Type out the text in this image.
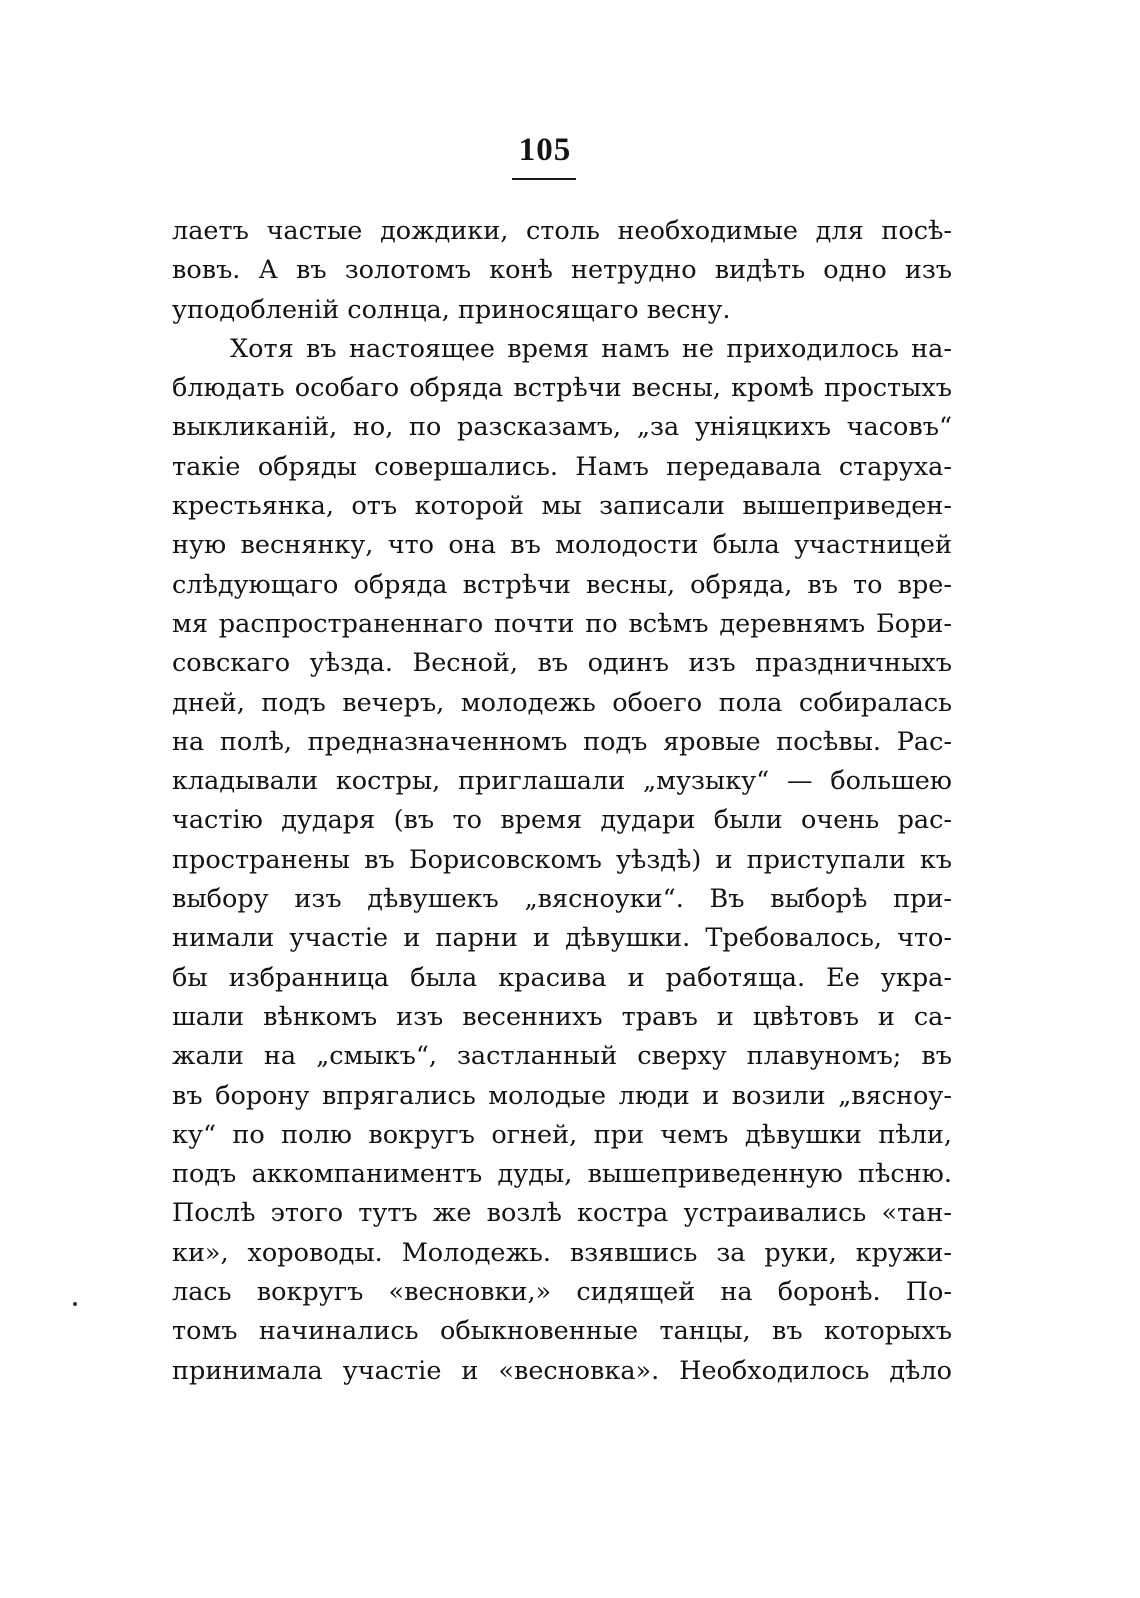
105
лаетъ частые дождики, столь необходимые для посѣ-
вовъ. А въ золотомъ конѣ нетрудно видѣть одно изъ
уподобленій солнца, приносящаго весну.
Хотя въ настоящее время намъ не приходилось на-
блюдать особаго обряда встрѣчи весны, кромѣ простыхъ
выкликаній, но, по разсказамъ, „за уніяцкихъ часовъ“
такіе обряды совершались. Намъ передавала старуха-
крестьянка, отъ которой мы записали вышеприведен-
ную веснянку, что она въ молодости была участницей
слѣдующаго обряда встрѣчи весны, обряда, въ то вре-
мя распространеннаго почти по всѣмъ деревнямъ Бори-
совскаго уѣзда. Весной, въ одинъ изъ праздничныхъ
дней, подъ вечеръ, молодежь обоего пола собиралась
на полѣ, предназначенномъ подъ яровые посѣвы. Рас-
кладывали костры, приглашали „музыку“ — большею
частію дударя (въ то время дудари были очень рас-
пространены въ Борисовскомъ уѣздѣ) и приступали къ
выбору изъ дѣвушекъ „вясноуки“. Въ выборѣ при-
нимали участіе и парни и дѣвушки. Требовалось, что-
бы избранница была красива и работяща. Ее укра-
шали вѣнкомъ изъ весеннихъ травъ и цвѣтовъ и са-
жали на „смыкъ“, застланный сверху плавуномъ; въ
въ борону впрягались молодые люди и возили „вясноу-
ку“ по полю вокругъ огней, при чемъ дѣвушки пѣли,
подъ аккомпаниментъ дуды, вышеприведенную пѣсню.
Послѣ этого тутъ же возлѣ костра устраивались «тан-
ки», хороводы. Молодежь. взявшись за руки, кружи-
лась вокругъ «весновки,» сидящей на боронѣ. По-
томъ начинались обыкновенные танцы, въ которыхъ
принимала участіе и «весновка». Необходилось дѣло
